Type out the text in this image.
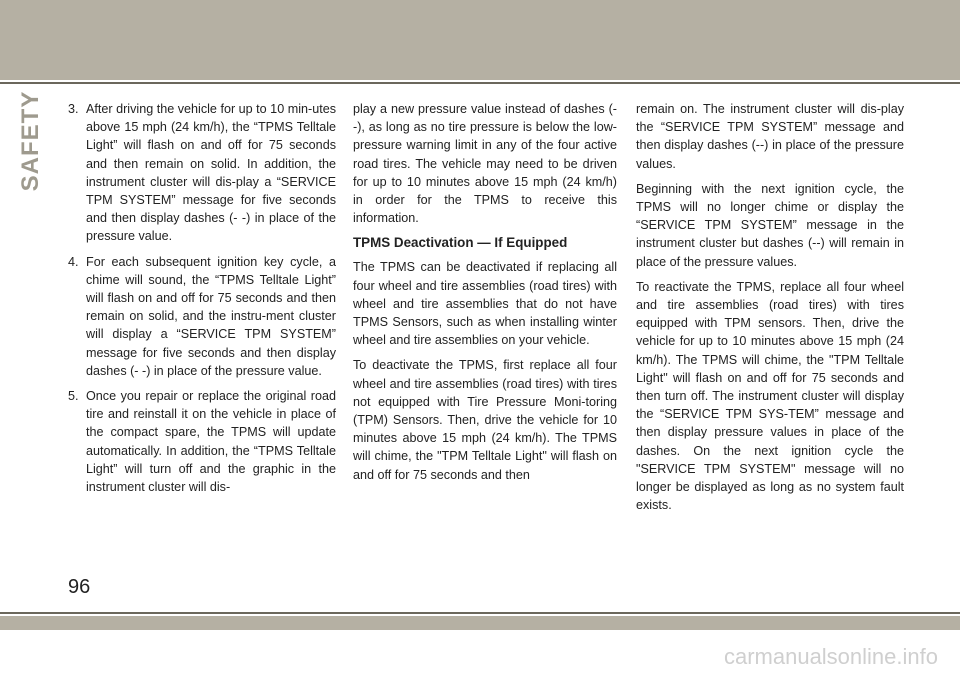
SAFETY 3. After driving the vehicle for up to 10 min-utes above 15 mph (24 km/h), the “TPMS Telltale Light” will flash on and off for 75 seconds and then remain on solid. In addition, the instrument cluster will dis-play a “SERVICE TPM SYSTEM” message for five seconds and then display dashes (- -) in place of the pressure value.
4. For each subsequent ignition key cycle, a chime will sound, the “TPMS Telltale Light” will flash on and off for 75 seconds and then remain on solid, and the instru-ment cluster will display a “SERVICE TPM SYSTEM” message for five seconds and then display dashes (- -) in place of the pressure value.
5. Once you repair or replace the original road tire and reinstall it on the vehicle in place of the compact spare, the TPMS will update automatically. In addition, the “TPMS Telltale Light” will turn off and the graphic in the instrument cluster will dis-

play a new pressure value instead of dashes (- -), as long as no tire pressure is below the low-pressure warning limit in any of the four active road tires. The vehicle may need to be driven for up to 10 minutes above 15 mph (24 km/h) in order for the TPMS to receive this information.

TPMS Deactivation — If Equipped

The TPMS can be deactivated if replacing all four wheel and tire assemblies (road tires) with wheel and tire assemblies that do not have TPMS Sensors, such as when installing winter wheel and tire assemblies on your vehicle.

To deactivate the TPMS, first replace all four wheel and tire assemblies (road tires) with tires not equipped with Tire Pressure Moni-toring (TPM) Sensors. Then, drive the vehicle for 10 minutes above 15 mph (24 km/h). The TPMS will chime, the "TPM Telltale Light" will flash on and off for 75 seconds and then

remain on. The instrument cluster will dis-play the “SERVICE TPM SYSTEM” message and then display dashes (--) in place of the pressure values.

Beginning with the next ignition cycle, the TPMS will no longer chime or display the “SERVICE TPM SYSTEM” message in the instrument cluster but dashes (--) will remain in place of the pressure values.

To reactivate the TPMS, replace all four wheel and tire assemblies (road tires) with tires equipped with TPM sensors. Then, drive the vehicle for up to 10 minutes above 15 mph (24 km/h). The TPMS will chime, the "TPM Telltale Light" will flash on and off for 75 seconds and then turn off. The instrument cluster will display the “SERVICE TPM SYS-TEM” message and then display pressure values in place of the dashes. On the next ignition cycle the "SERVICE TPM SYSTEM" message will no longer be displayed as long as no system fault exists.

96
carmanualsonline.info
